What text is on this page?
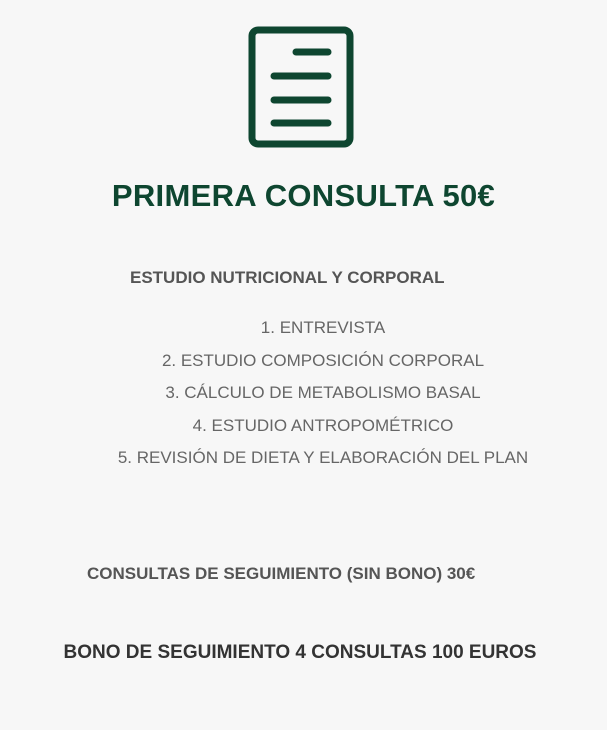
PRIMERA CONSULTA 50€
ESTUDIO NUTRICIONAL Y CORPORAL
1. ENTREVISTA
2. ESTUDIO COMPOSICIÓN CORPORAL
3. CÁLCULO DE METABOLISMO BASAL
4. ESTUDIO ANTROPOMÉTRICO
5. REVISIÓN DE DIETA Y ELABORACIÓN DEL PLAN

CONSULTAS DE SEGUIMIENTO (SIN BONO) 30€

BONO DE SEGUIMIENTO 4 CONSULTAS 100 EUROS
